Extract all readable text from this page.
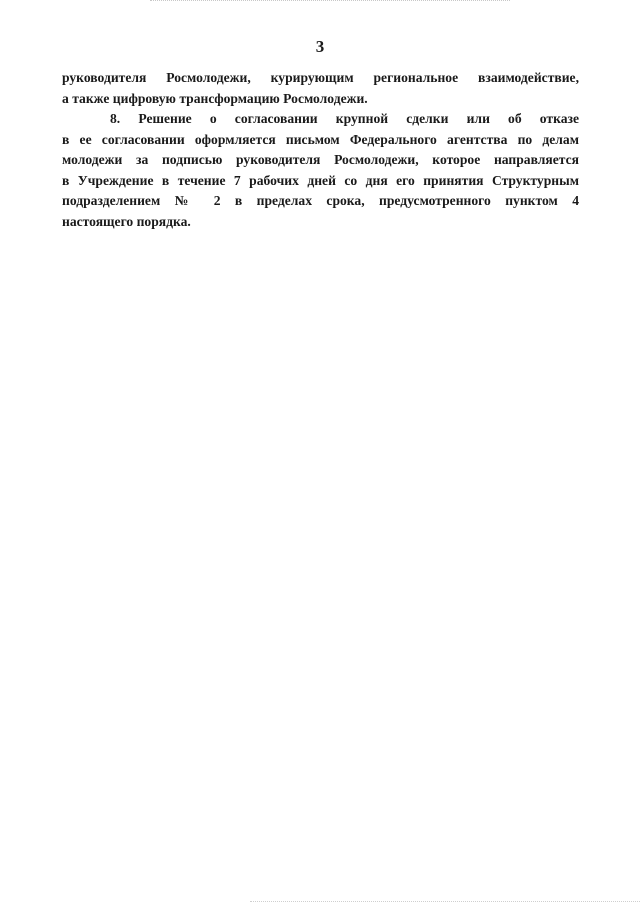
3
руководителя Росмолодежи, курирующим региональное взаимодействие,
а также цифровую трансформацию Росмолодежи.
8. Решение о согласовании крупной сделки или об отказе
в ее согласовании оформляется письмом Федерального агентства по делам
молодежи за подписью руководителя Росмолодежи, которое направляется
в Учреждение в течение 7 рабочих дней со дня его принятия Структурным
подразделением № 2 в пределах срока, предусмотренного пунктом 4
настоящего порядка.
